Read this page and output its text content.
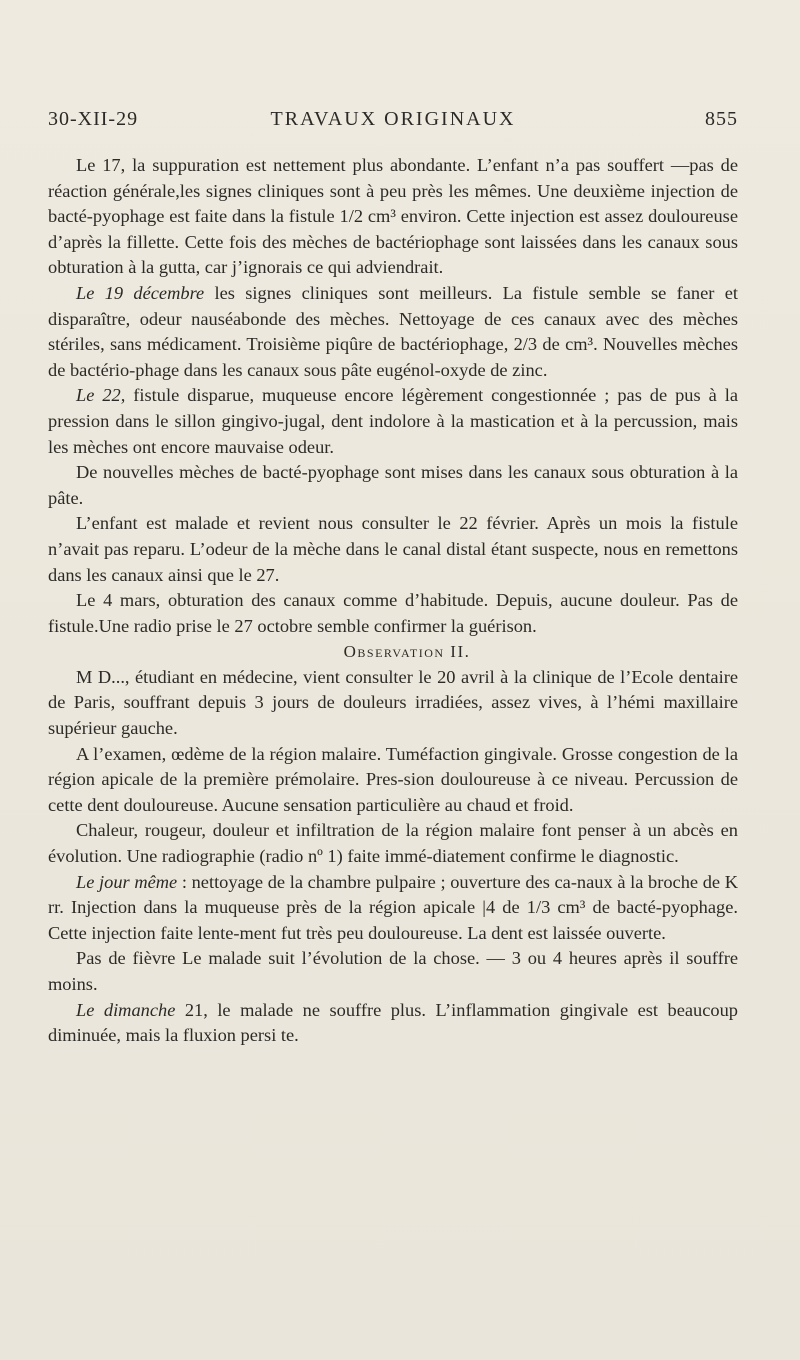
30-XII-29	TRAVAUX ORIGINAUX	855

Le 17, la suppuration est nettement plus abondante. L’enfant n’a pas souffert —pas de réaction générale,les signes cliniques sont à peu près les mêmes. Une deuxième injection de bacté-pyophage est faite dans la fistule 1/2 cm³ environ. Cette injection est assez douloureuse d’après la fillette. Cette fois des mèches de bactériophage sont laissées dans les canaux sous obturation à la gutta, car j’ignorais ce qui adviendrait.

Le 19 décembre les signes cliniques sont meilleurs. La fistule semble se faner et disparaître, odeur nauséabonde des mèches. Nettoyage de ces canaux avec des mèches stériles, sans médicament. Troisième piqûre de bactériophage, 2/3 de cm³. Nouvelles mèches de bactério-phage dans les canaux sous pâte eugénol-oxyde de zinc.

Le 22, fistule disparue, muqueuse encore légèrement congestionnée ; pas de pus à la pression dans le sillon gingivo-jugal, dent indolore à la mastication et à la percussion, mais les mèches ont encore mauvaise odeur.

De nouvelles mèches de bacté-pyophage sont mises dans les canaux sous obturation à la pâte.

L’enfant est malade et revient nous consulter le 22 février. Après un mois la fistule n’avait pas reparu. L’odeur de la mèche dans le canal distal étant suspecte, nous en remettons dans les canaux ainsi que le 27.

Le 4 mars, obturation des canaux comme d’habitude. Depuis, aucune douleur. Pas de fistule.Une radio prise le 27 octobre semble confirmer la guérison.

Observation II.

M D..., étudiant en médecine, vient consulter le 20 avril à la clinique de l’Ecole dentaire de Paris, souffrant depuis 3 jours de douleurs irradiées, assez vives, à l’hémi maxillaire supérieur gauche.

A l’examen, œdème de la région malaire. Tuméfaction gingivale. Grosse congestion de la région apicale de la première prémolaire. Pres-sion douloureuse à ce niveau. Percussion de cette dent douloureuse. Aucune sensation particulière au chaud et froid.

Chaleur, rougeur, douleur et infiltration de la région malaire font penser à un abcès en évolution. Une radiographie (radio nº 1) faite immé-diatement confirme le diagnostic.

Le jour même : nettoyage de la chambre pulpaire ; ouverture des ca-naux à la broche de K rr. Injection dans la muqueuse près de la région apicale |4 de 1/3 cm³ de bacté-pyophage. Cette injection faite lente-ment fut très peu douloureuse. La dent est laissée ouverte.

Pas de fièvre Le malade suit l’évolution de la chose. — 3 ou 4 heures après il souffre moins.

Le dimanche 21, le malade ne souffre plus. L’inflammation gingivale est beaucoup diminuée, mais la fluxion persi te.
